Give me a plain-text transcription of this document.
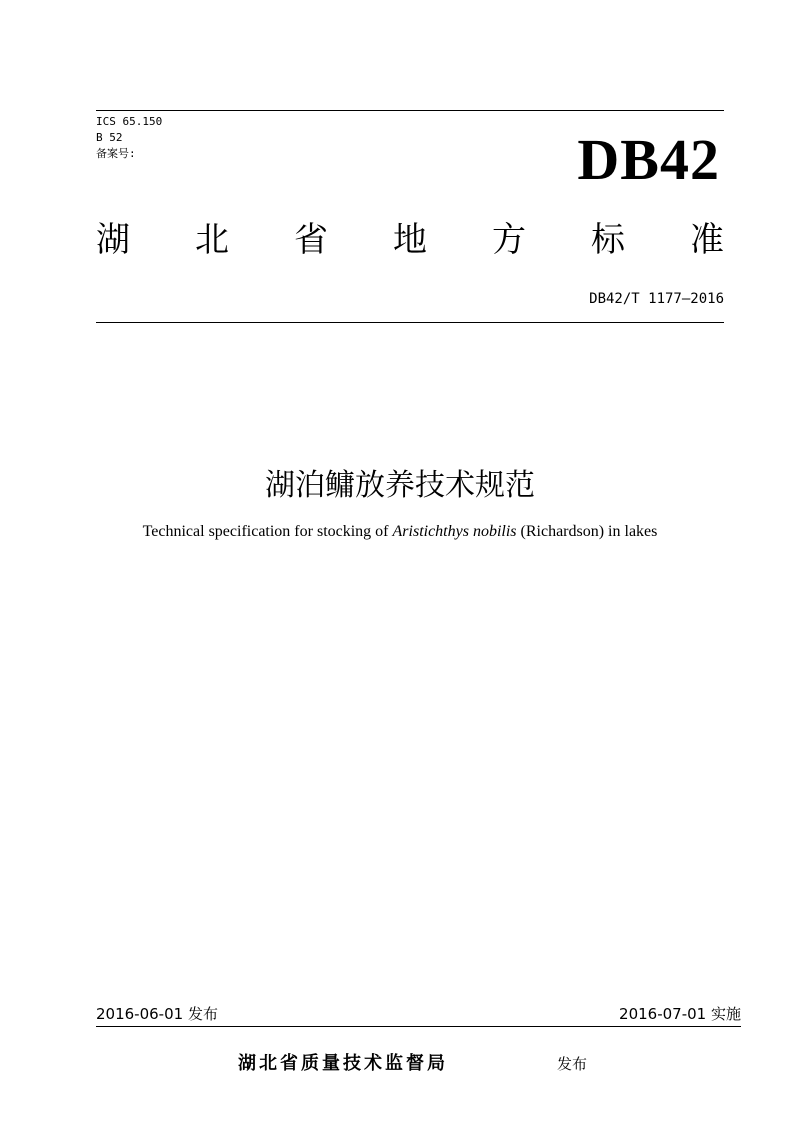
ICS 65.150
B 52
备案号:	DB42
湖 北 省 地 方 标 准
DB42/T 1177—2016
湖泊鳙放养技术规范
Technical specification for stocking of Aristichthys nobilis (Richardson) in lakes
2016-06-01 发布	2016-07-01 实施
湖北省质量技术监督局	发布
